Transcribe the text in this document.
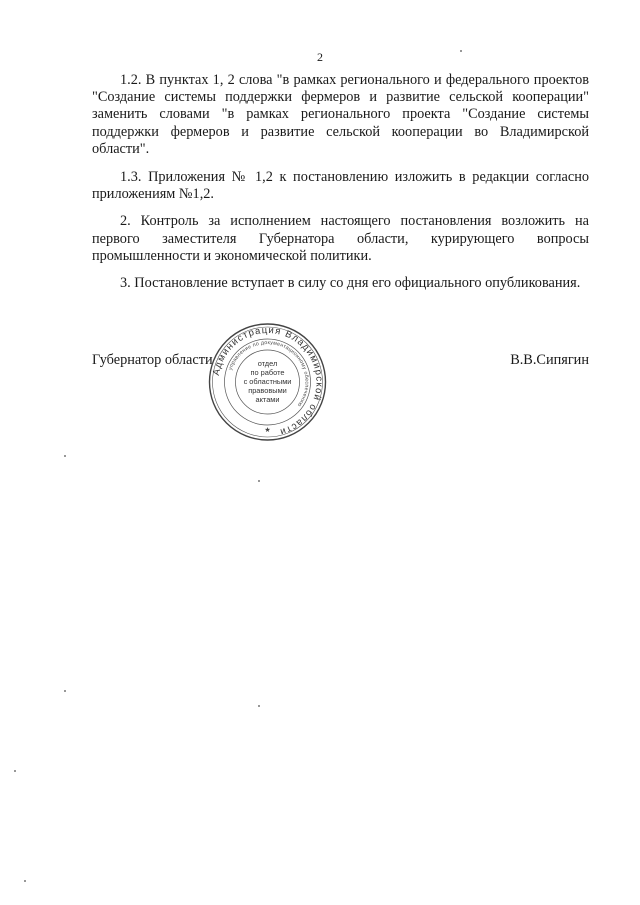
2

1.2. В пунктах 1, 2 слова "в рамках регионального и федерального проектов "Создание системы поддержки фермеров и развитие сельской кооперации" заменить словами "в рамках регионального проекта "Создание системы поддержки фермеров и развитие сельской кооперации во Владимирской области".

1.3. Приложения № 1,2 к постановлению изложить в редакции согласно приложениям №1,2.

2. Контроль за исполнением настоящего постановления возложить на первого заместителя Губернатора области, курирующего вопросы промышленности и экономической политики.

3. Постановление вступает в силу со дня его официального опубликования.

Губернатор области	В.В.Сипягин
Администрация Владимирской области
управление по документационному обеспечению
отдел
по работе
с областными
правовыми
актами
★
